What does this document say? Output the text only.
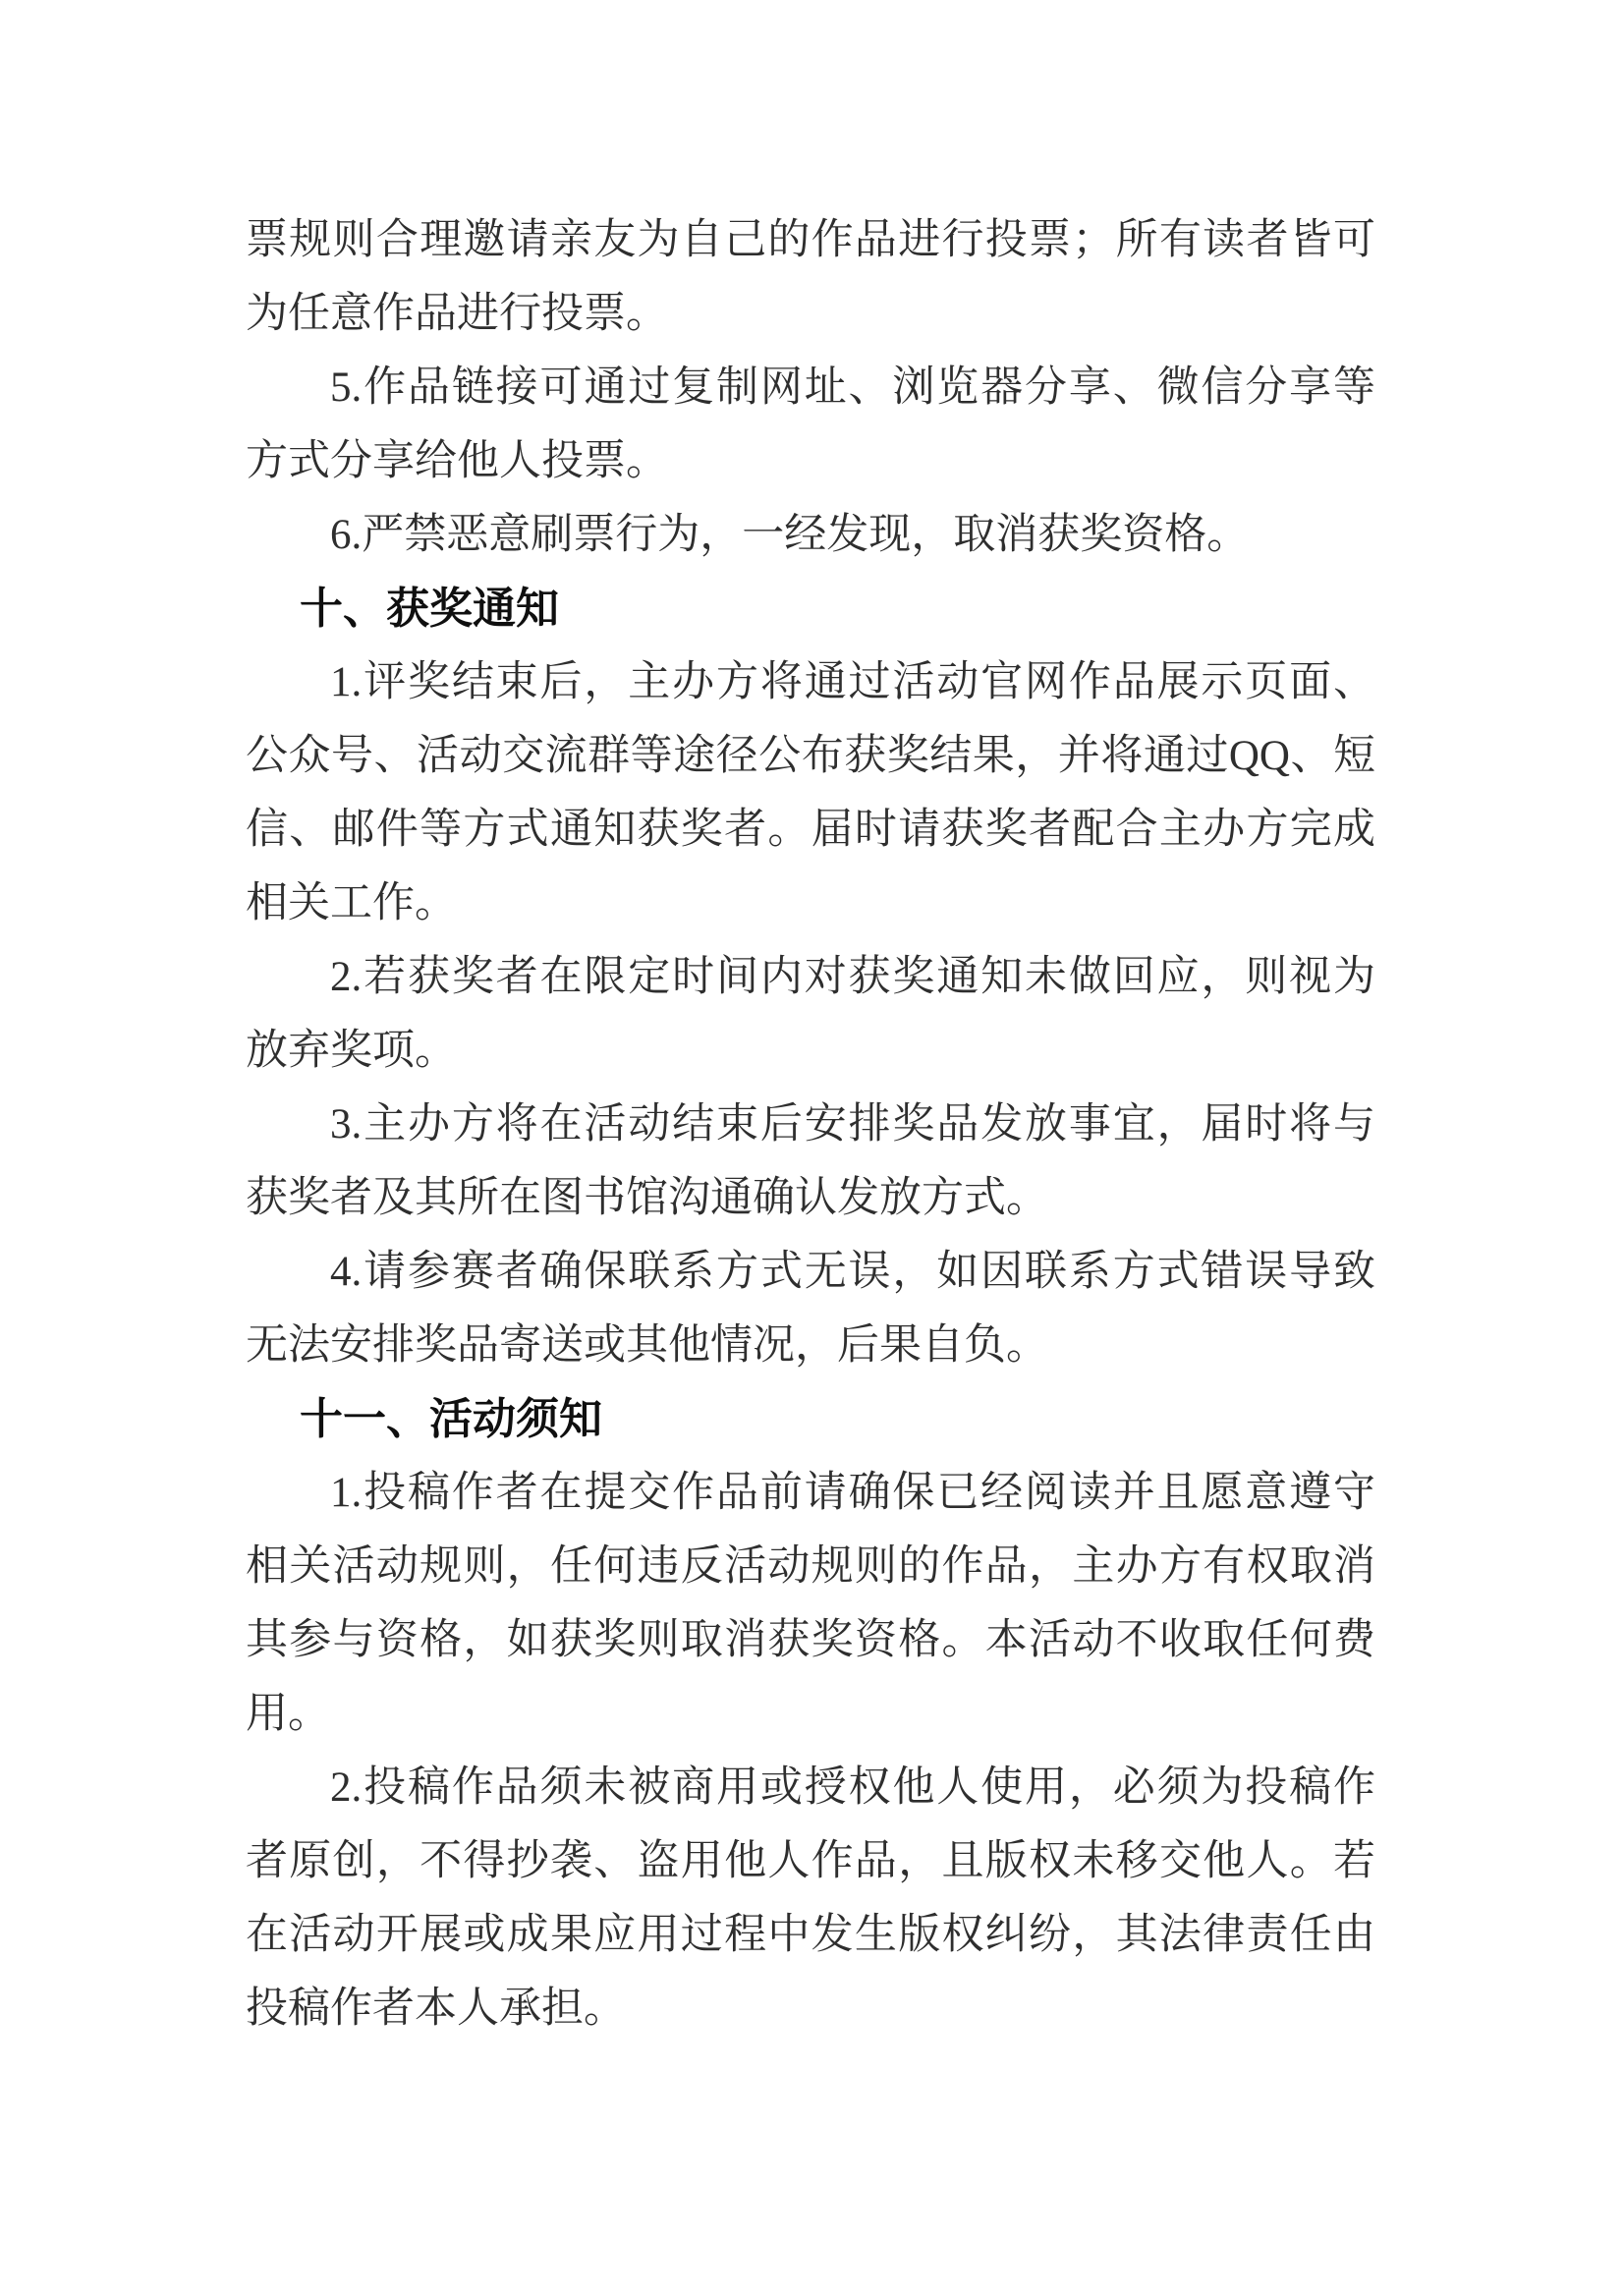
票规则合理邀请亲友为自己的作品进行投票；所有读者皆可为任意作品进行投票。

5.作品链接可通过复制网址、浏览器分享、微信分享等方式分享给他人投票。

6.严禁恶意刷票行为，一经发现，取消获奖资格。

十、获奖通知

1.评奖结束后，主办方将通过活动官网作品展示页面、公众号、活动交流群等途径公布获奖结果，并将通过QQ、短信、邮件等方式通知获奖者。届时请获奖者配合主办方完成相关工作。

2.若获奖者在限定时间内对获奖通知未做回应，则视为放弃奖项。

3.主办方将在活动结束后安排奖品发放事宜，届时将与获奖者及其所在图书馆沟通确认发放方式。

4.请参赛者确保联系方式无误，如因联系方式错误导致无法安排奖品寄送或其他情况，后果自负。

十一、活动须知

1.投稿作者在提交作品前请确保已经阅读并且愿意遵守相关活动规则，任何违反活动规则的作品，主办方有权取消其参与资格，如获奖则取消获奖资格。本活动不收取任何费用。

2.投稿作品须未被商用或授权他人使用，必须为投稿作者原创，不得抄袭、盗用他人作品，且版权未移交他人。若在活动开展或成果应用过程中发生版权纠纷，其法律责任由投稿作者本人承担。
